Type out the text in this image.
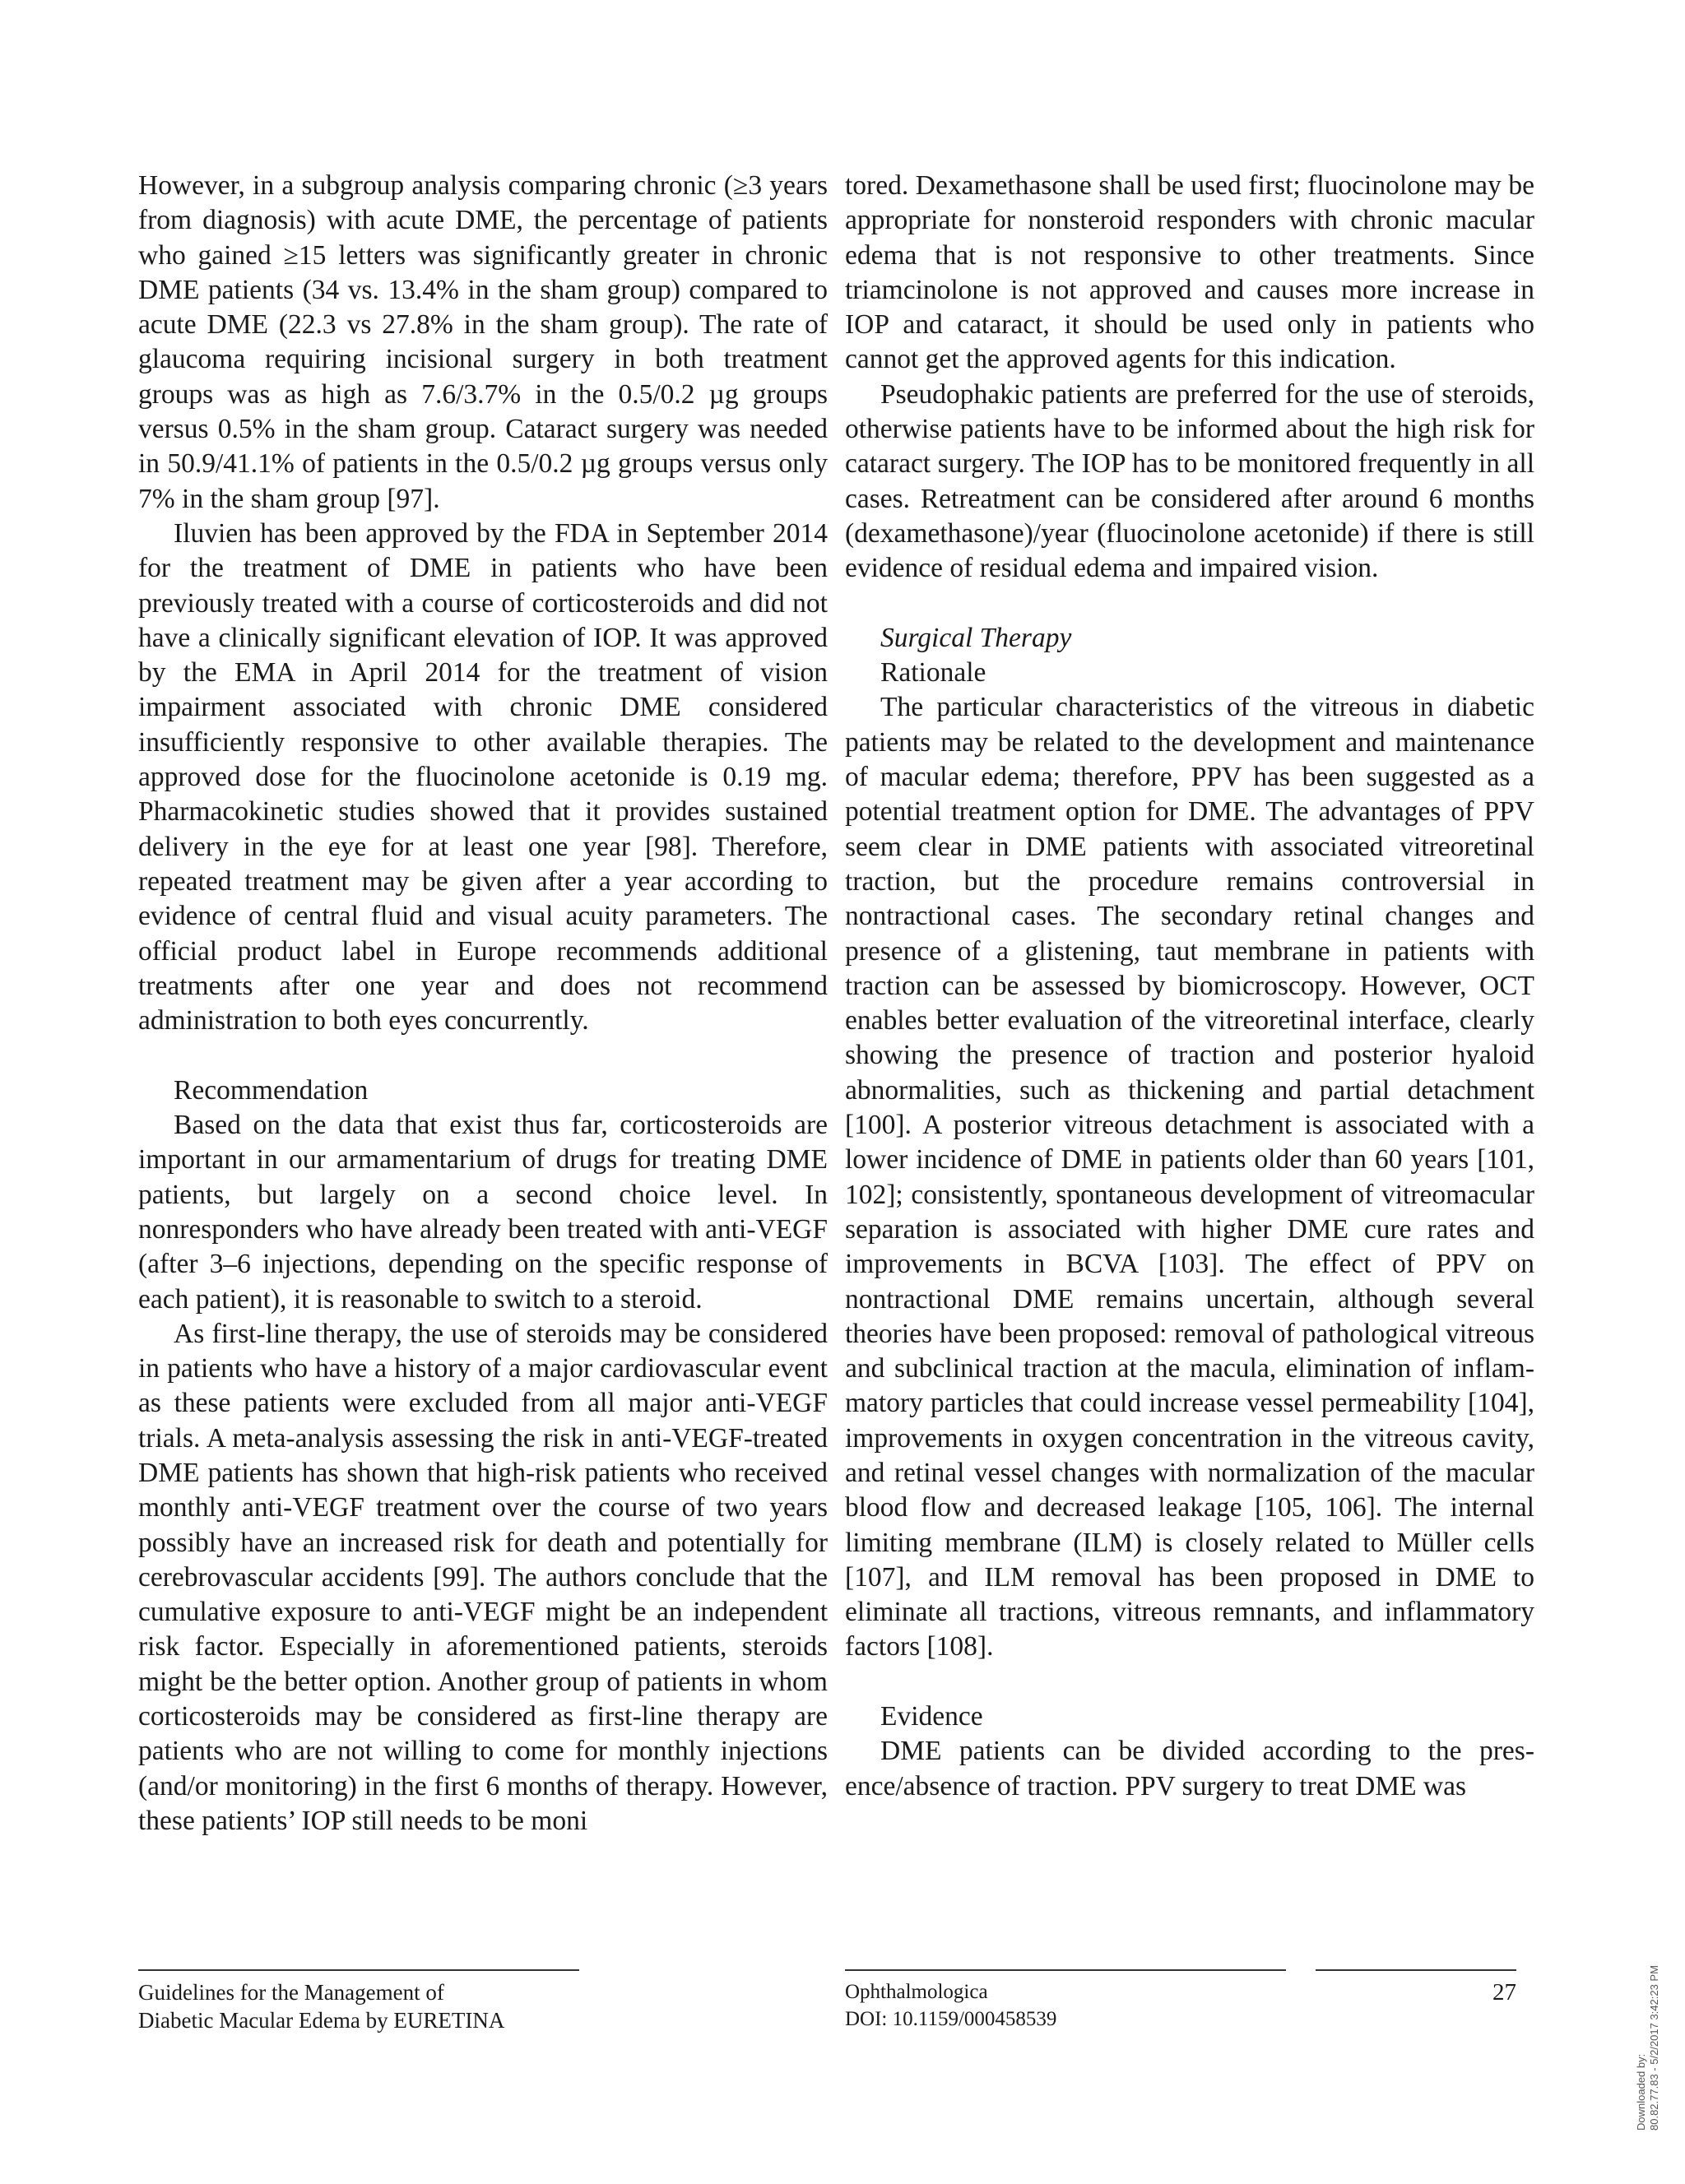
However, in a subgroup analysis comparing chronic (≥3 years from diagnosis) with acute DME, the percentage of patients who gained ≥15 letters was significantly greater in chronic DME patients (34 vs. 13.4% in the sham group) compared to acute DME (22.3 vs 27.8% in the sham group). The rate of glaucoma requiring incisional surgery in both treatment groups was as high as 7.6/3.7% in the 0.5/0.2 µg groups versus 0.5% in the sham group. Cataract surgery was needed in 50.9/41.1% of patients in the 0.5/0.2 µg groups versus only 7% in the sham group [97].

Iluvien has been approved by the FDA in September 2014 for the treatment of DME in patients who have been previously treated with a course of corticosteroids and did not have a clinically significant elevation of IOP. It was approved by the EMA in April 2014 for the treatment of vision impairment associated with chronic DME considered insufficiently responsive to other available therapies. The approved dose for the fluocinolone acetonide is 0.19 mg. Pharmacokinetic studies showed that it provides sustained delivery in the eye for at least one year [98]. Therefore, repeated treatment may be given after a year according to evidence of central fluid and visual acuity parameters. The official product label in Europe recommends additional treatments after one year and does not recommend administration to both eyes concurrently.

Recommendation

Based on the data that exist thus far, corticosteroids are important in our armamentarium of drugs for treating DME patients, but largely on a second choice level. In nonresponders who have already been treated with anti-VEGF (after 3–6 injections, depending on the specific response of each patient), it is reasonable to switch to a steroid.

As first-line therapy, the use of steroids may be considered in patients who have a history of a major cardiovascular event as these patients were excluded from all major anti-VEGF trials. A meta-analysis assessing the risk in anti-VEGF-treated DME patients has shown that high-risk patients who received monthly anti-VEGF treatment over the course of two years possibly have an increased risk for death and potentially for cerebrovascular accidents [99]. The authors conclude that the cumulative exposure to anti-VEGF might be an independent risk factor. Especially in aforementioned patients, steroids might be the better option. Another group of patients in whom corticosteroids may be considered as first-line therapy are patients who are not willing to come for monthly injections (and/or monitoring) in the first 6 months of therapy. However, these patients’ IOP still needs to be moni

tored. Dexamethasone shall be used first; fluocinolone may be appropriate for nonsteroid responders with chronic macular edema that is not responsive to other treatments. Since triamcinolone is not approved and causes more increase in IOP and cataract, it should be used only in patients who cannot get the approved agents for this indication.

Pseudophakic patients are preferred for the use of steroids, otherwise patients have to be informed about the high risk for cataract surgery. The IOP has to be monitored frequently in all cases. Retreatment can be considered after around 6 months (dexamethasone)/year (fluocinolone acetonide) if there is still evidence of residual edema and impaired vision.

Surgical Therapy
Rationale

The particular characteristics of the vitreous in diabetic patients may be related to the development and maintenance of macular edema; therefore, PPV has been suggested as a potential treatment option for DME. The advantages of PPV seem clear in DME patients with associated vitreoretinal traction, but the procedure remains controversial in nontractional cases. The secondary retinal changes and presence of a glistening, taut membrane in patients with traction can be assessed by biomicroscopy. However, OCT enables better evaluation of the vitreoretinal interface, clearly showing the presence of traction and posterior hyaloid abnormalities, such as thickening and partial detachment [100]. A posterior vitreous detachment is associated with a lower incidence of DME in patients older than 60 years [101, 102]; consistently, spontaneous development of vitreomacular separation is associated with higher DME cure rates and improvements in BCVA [103]. The effect of PPV on nontractional DME remains uncertain, although several theories have been proposed: removal of pathological vitreous and subclinical traction at the macula, elimination of inflammatory particles that could increase vessel permeability [104], improvements in oxygen concentration in the vitreous cavity, and retinal vessel changes with normalization of the macular blood flow and decreased leakage [105, 106]. The internal limiting membrane (ILM) is closely related to Müller cells [107], and ILM removal has been proposed in DME to eliminate all tractions, vitreous remnants, and inflammatory factors [108].

Evidence

DME patients can be divided according to the presence/absence of traction. PPV surgery to treat DME was

Guidelines for the Management of
Diabetic Macular Edema by EURETINA
Ophthalmologica
DOI: 10.1159/000458539
27
Downloaded by: 80.82.77.83 - 5/2/2017 3:42:23 PM
